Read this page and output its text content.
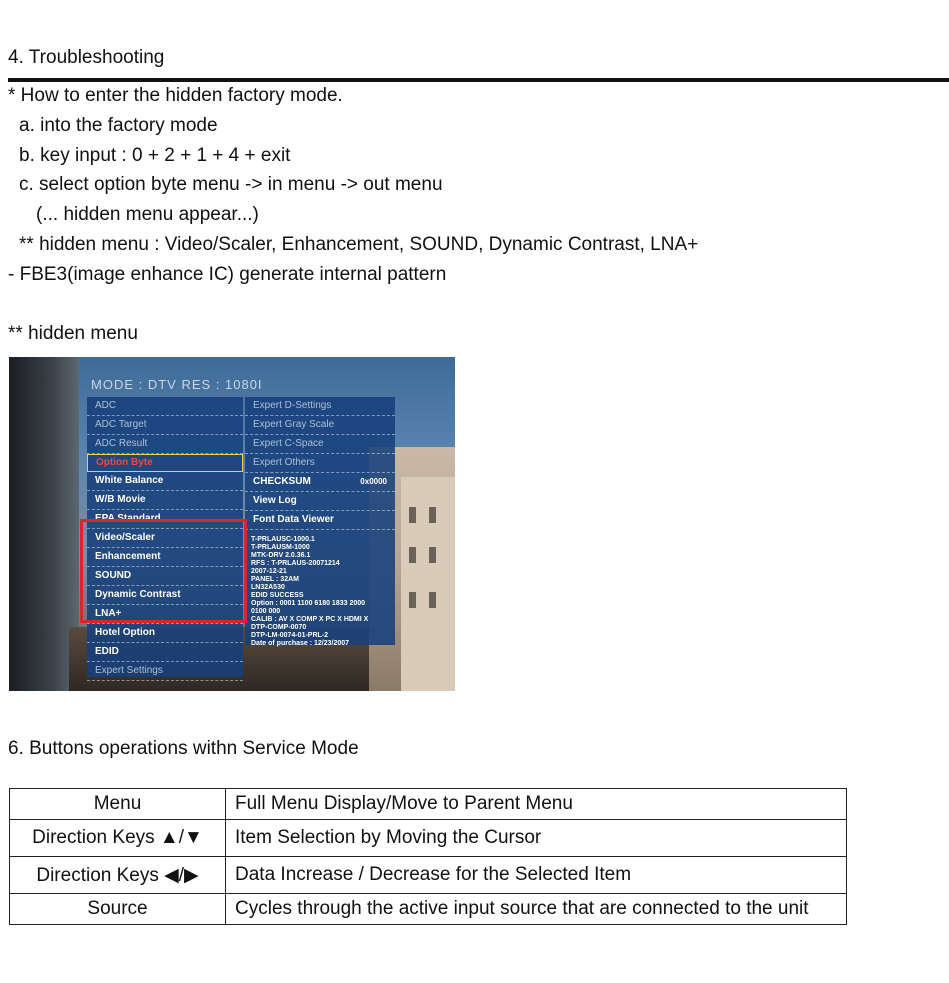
4. Troubleshooting
* How to enter the hidden factory mode.
a. into the factory mode
b. key input : 0 + 2 + 1 + 4 + exit
c. select option byte menu -> in menu -> out menu
(... hidden menu appear...)
** hidden menu : Video/Scaler, Enhancement, SOUND, Dynamic Contrast, LNA+
- FBE3(image enhance IC) generate internal pattern
** hidden menu
MODE : DTV RES : 1080I
ADC
ADC Target
ADC Result
Option Byte
White Balance
W/B Movie
EPA Standard
Video/Scaler
Enhancement
SOUND
Dynamic Contrast
LNA+
Hotel Option
EDID
Expert Settings
Expert D-Settings
Expert Gray Scale
Expert C-Space
Expert Others
CHECKSUM	0x0000
View Log
Font Data Viewer
T-PRLAUSC-1000.1
T-PRLAUSM-1000
MTK-DRV 2.0.36.1
RFS : T-PRLAUS-20071214
2007-12-21
PANEL : 32AM
LN32A530
EDID SUCCESS
Option : 0001 1100 6180 1833 2000
0100 000
CALIB : AV X COMP X PC X HDMI X
DTP-COMP-0070
DTP-LM-0074-01-PRL-2
Date of purchase : 12/23/2007
6. Buttons operations withn Service Mode
Menu	Full Menu Display/Move to Parent Menu
Direction Keys ▲/▼	Item Selection by Moving the Cursor
Direction Keys ◀/▶	Data Increase / Decrease for the Selected Item
Source	Cycles through the active input source that are connected to the unit
